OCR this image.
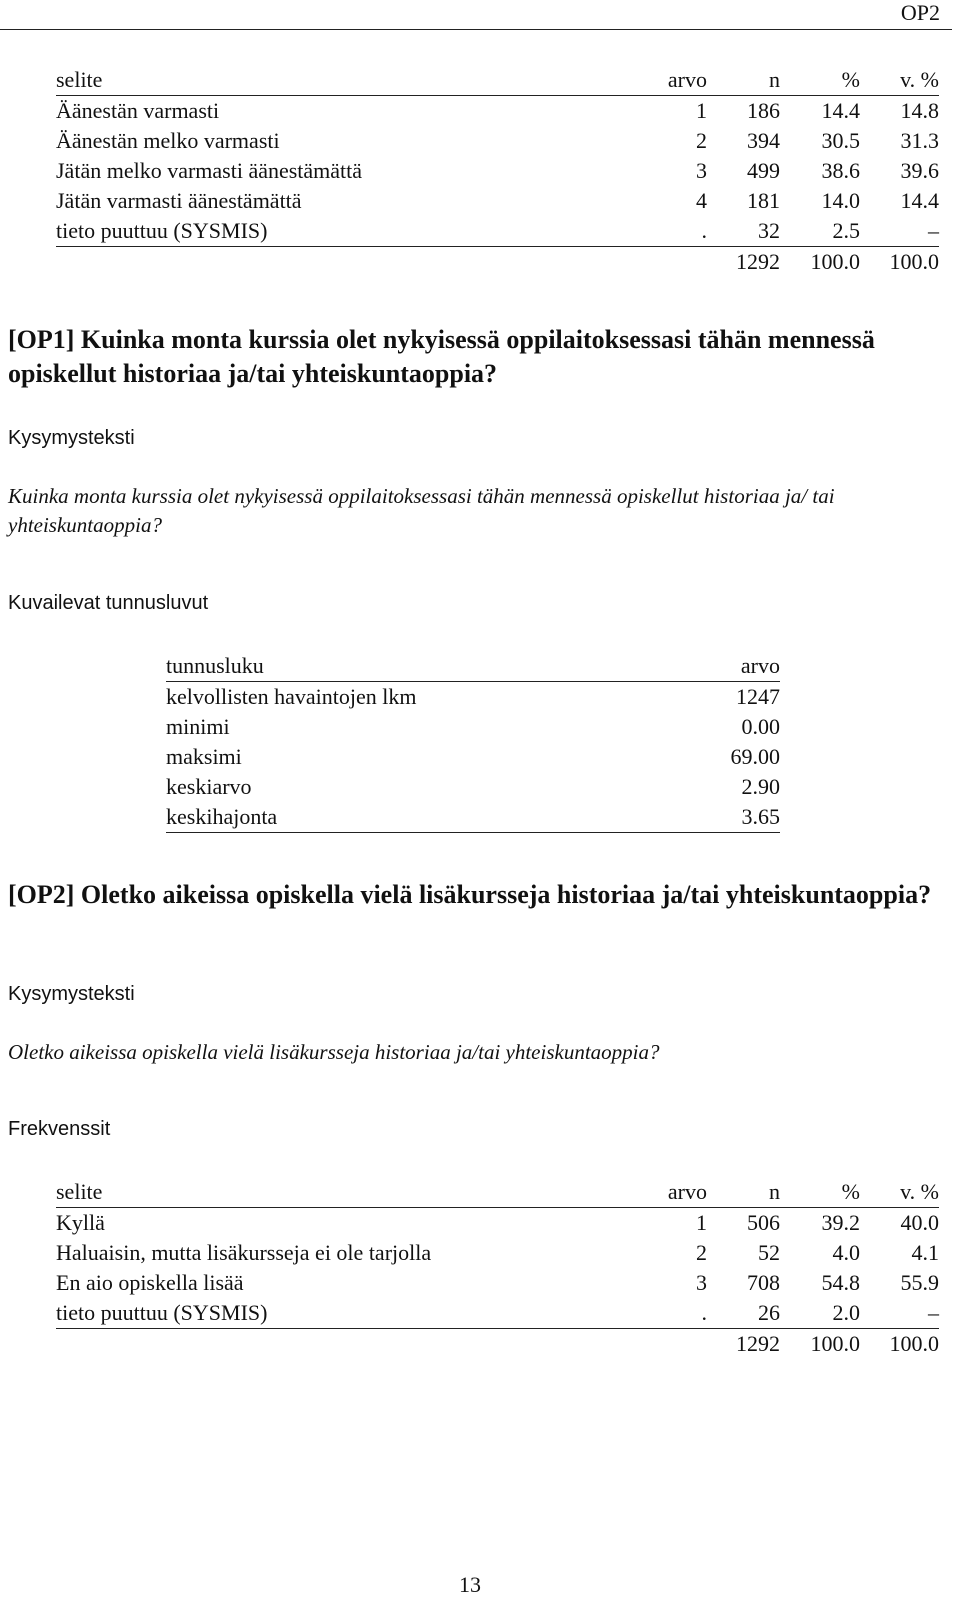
OP2
selite	arvo	n	%	v. %
Äänestän varmasti	1	186	14.4	14.8
Äänestän melko varmasti	2	394	30.5	31.3
Jätän melko varmasti äänestämättä	3	499	38.6	39.6
Jätän varmasti äänestämättä	4	181	14.0	14.4
tieto puuttuu (SYSMIS)	.	32	2.5	–
		1292	100.0	100.0
[OP1] Kuinka monta kurssia olet nykyisessä oppilaitoksessasi tähän mennessä opiskellut historiaa ja/tai yhteiskuntaoppia?
Kysymysteksti
Kuinka monta kurssia olet nykyisessä oppilaitoksessasi tähän mennessä opiskellut historiaa ja/ tai yhteiskuntaoppia?
Kuvailevat tunnusluvut
tunnusluku	arvo
kelvollisten havaintojen lkm	1247
minimi	0.00
maksimi	69.00
keskiarvo	2.90
keskihajonta	3.65
[OP2] Oletko aikeissa opiskella vielä lisäkursseja historiaa ja/tai yhteiskuntaoppia?
Kysymysteksti
Oletko aikeissa opiskella vielä lisäkursseja historiaa ja/tai yhteiskuntaoppia?
Frekvenssit
selite	arvo	n	%	v. %
Kyllä	1	506	39.2	40.0
Haluaisin, mutta lisäkursseja ei ole tarjolla	2	52	4.0	4.1
En aio opiskella lisää	3	708	54.8	55.9
tieto puuttuu (SYSMIS)	.	26	2.0	–
		1292	100.0	100.0
13
